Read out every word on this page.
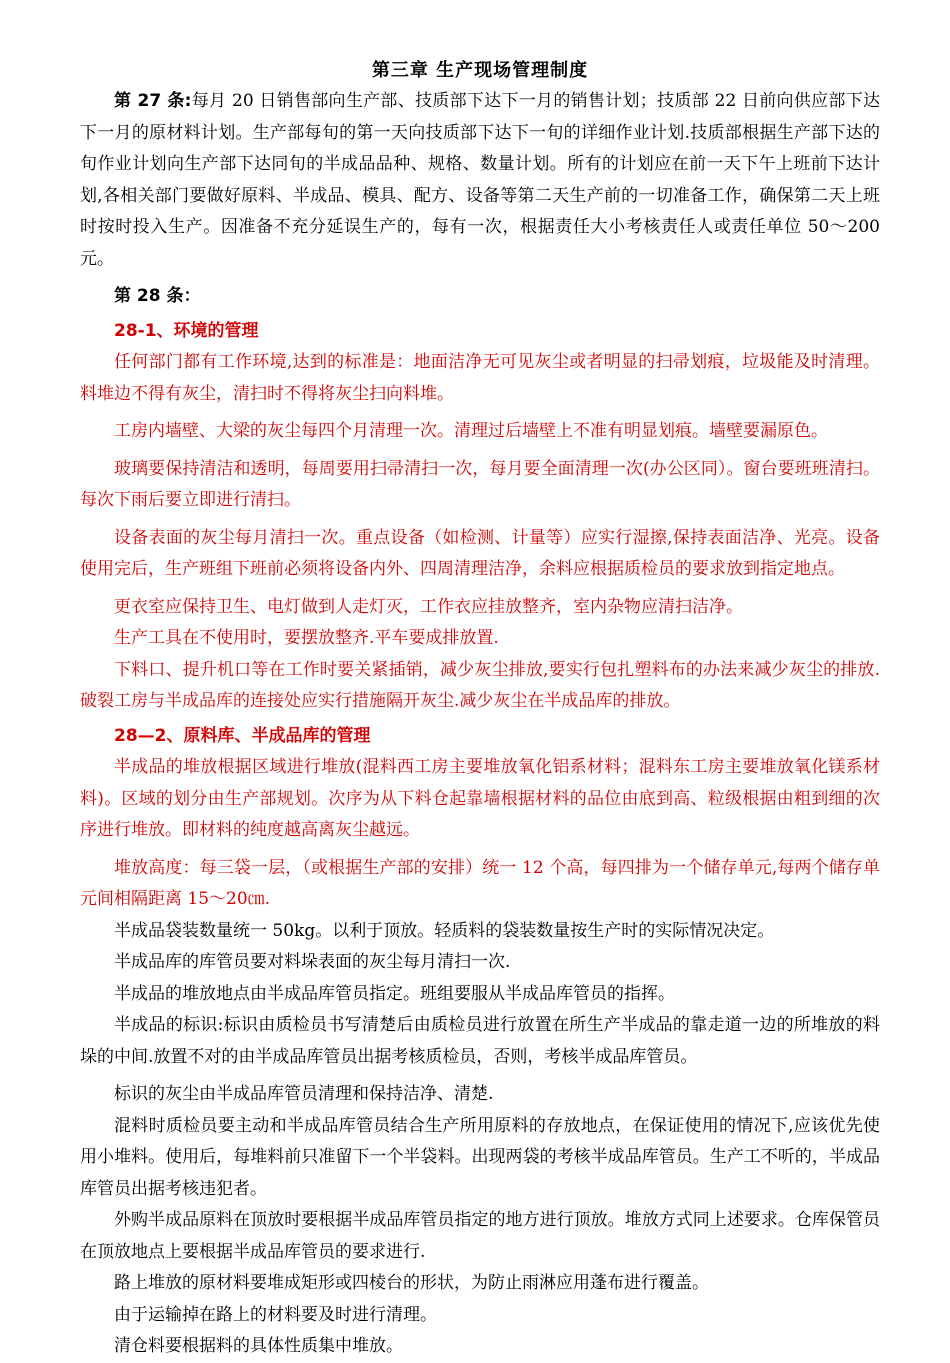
第三章 生产现场管理制度

第 27 条:每月 20 日销售部向生产部、技质部下达下一月的销售计划；技质部 22 日前向供应部下达下一月的原材料计划。生产部每旬的第一天向技质部下达下一旬的详细作业计划.技质部根据生产部下达的旬作业计划向生产部下达同旬的半成品品种、规格、数量计划。所有的计划应在前一天下午上班前下达计划,各相关部门要做好原料、半成品、模具、配方、设备等第二天生产前的一切准备工作，确保第二天上班时按时投入生产。因准备不充分延误生产的，每有一次，根据责任大小考核责任人或责任单位 50～200 元。

第 28 条：

28-1、环境的管理

任何部门都有工作环境,达到的标准是：地面洁净无可见灰尘或者明显的扫帚划痕，垃圾能及时清理。料堆边不得有灰尘，清扫时不得将灰尘扫向料堆。

工房内墙壁、大梁的灰尘每四个月清理一次。清理过后墙壁上不准有明显划痕。墙壁要漏原色。

玻璃要保持清洁和透明，每周要用扫帚清扫一次，每月要全面清理一次(办公区同）。窗台要班班清扫。每次下雨后要立即进行清扫。

设备表面的灰尘每月清扫一次。重点设备（如检测、计量等）应实行湿擦,保持表面洁净、光亮。设备使用完后，生产班组下班前必须将设备内外、四周清理洁净，余料应根据质检员的要求放到指定地点。

更衣室应保持卫生、电灯做到人走灯灭，工作衣应挂放整齐，室内杂物应清扫洁净。

生产工具在不使用时，要摆放整齐.平车要成排放置.

下料口、提升机口等在工作时要关紧插销，减少灰尘排放,要实行包扎塑料布的办法来减少灰尘的排放.破裂工房与半成品库的连接处应实行措施隔开灰尘.减少灰尘在半成品库的排放。

28—2、原料库、半成品库的管理

半成品的堆放根据区域进行堆放(混料西工房主要堆放氧化铝系材料；混料东工房主要堆放氧化镁系材料)。区域的划分由生产部规划。次序为从下料仓起靠墙根据材料的品位由底到高、粒级根据由粗到细的次序进行堆放。即材料的纯度越高离灰尘越远。

堆放高度：每三袋一层，（或根据生产部的安排）统一 12 个高，每四排为一个储存单元,每两个储存单元间相隔距离 15～20㎝.

半成品袋装数量统一 50kg。以利于顶放。轻质料的袋装数量按生产时的实际情况决定。

半成品库的库管员要对料垛表面的灰尘每月清扫一次.

半成品的堆放地点由半成品库管员指定。班组要服从半成品库管员的指挥。

半成品的标识:标识由质检员书写清楚后由质检员进行放置在所生产半成品的靠走道一边的所堆放的料垛的中间.放置不对的由半成品库管员出据考核质检员，否则，考核半成品库管员。

标识的灰尘由半成品库管员清理和保持洁净、清楚.

混料时质检员要主动和半成品库管员结合生产所用原料的存放地点，在保证使用的情况下,应该优先使用小堆料。使用后，每堆料前只准留下一个半袋料。出现两袋的考核半成品库管员。生产工不听的，半成品库管员出据考核违犯者。

外购半成品原料在顶放时要根据半成品库管员指定的地方进行顶放。堆放方式同上述要求。仓库保管员在顶放地点上要根据半成品库管员的要求进行.

路上堆放的原材料要堆成矩形或四棱台的形状，为防止雨淋应用蓬布进行覆盖。

由于运输掉在路上的材料要及时进行清理。

清仓料要根据料的具体性质集中堆放。
